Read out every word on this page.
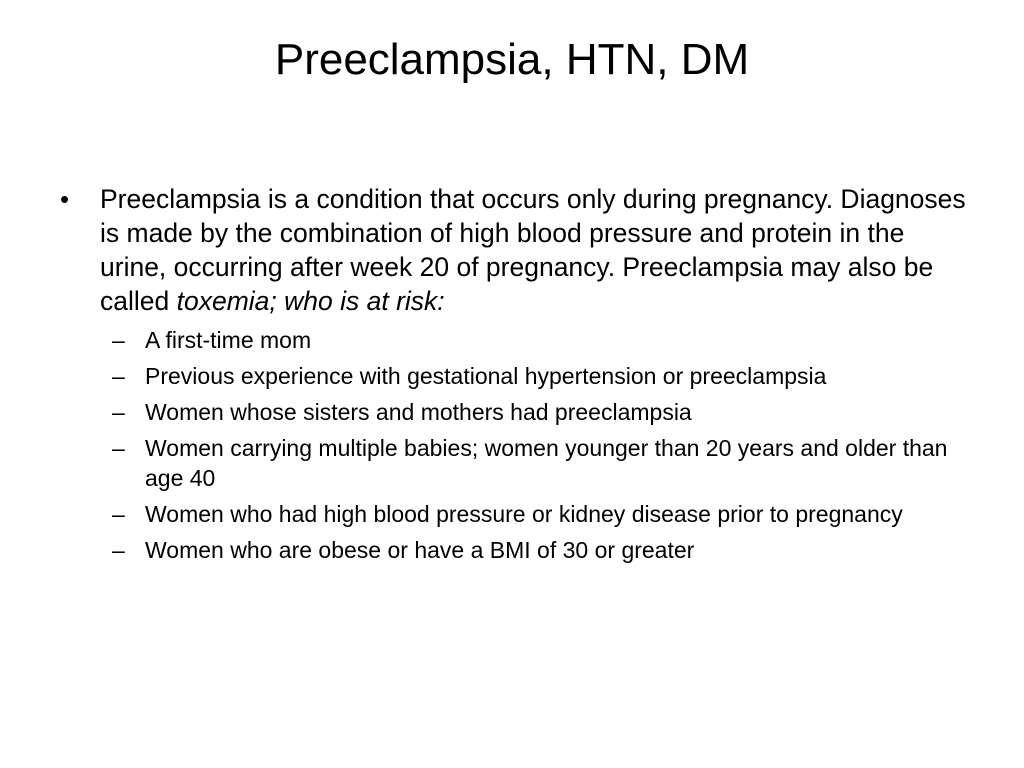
Preeclampsia, HTN, DM
•	Preeclampsia is a condition that occurs only during pregnancy. Diagnoses is made by the combination of high blood pressure and protein in the urine, occurring after week 20 of pregnancy. Preeclampsia may also be called toxemia; who is at risk:
– A first-time mom
– Previous experience with gestational hypertension or preeclampsia
– Women whose sisters and mothers had preeclampsia
– Women carrying multiple babies; women younger than 20 years and older than age 40
– Women who had high blood pressure or kidney disease prior to pregnancy
– Women who are obese or have a BMI of 30 or greater
